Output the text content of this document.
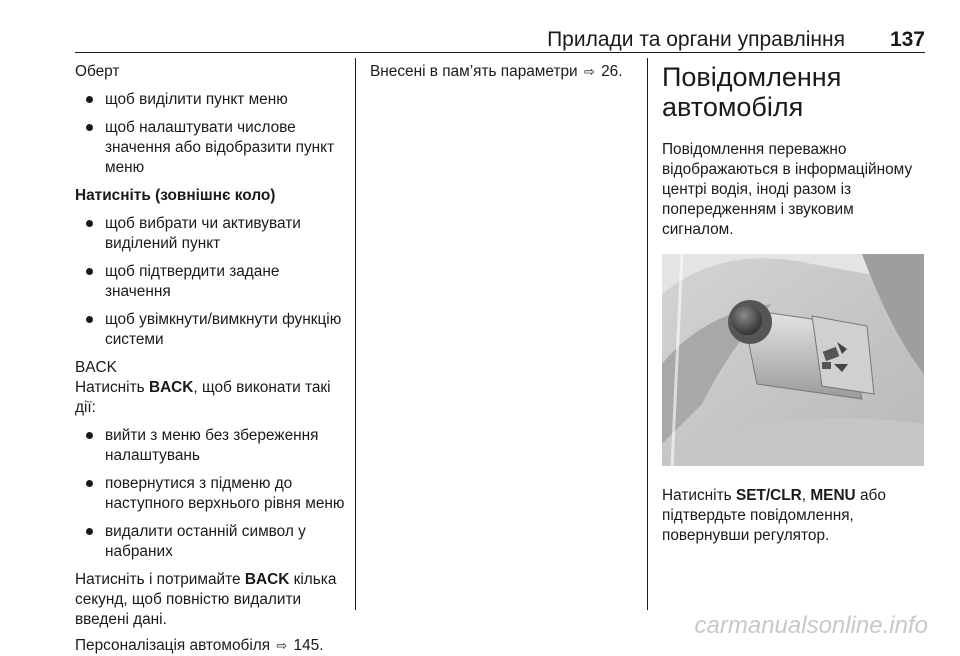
Прилади та органи управління 137

Оберт

щоб виділити пункт меню
щоб налаштувати числове значення або відобразити пункт меню

Натисніть (зовнішнє коло)

щоб вибрати чи активувати виділений пункт
щоб підтвердити задане значення
щоб увімкнути/вимкнути функцію системи

BACK

Натисніть BACK, щоб виконати такі дії:

вийти з меню без збереження налаштувань
повернутися з підменю до наступного верхнього рівня меню
видалити останній символ у набраних

Натисніть і потримайте BACK кілька секунд, щоб повністю видалити введені дані.

Персоналізація автомобіля ⇨ 145.

Внесені в пам’ять параметри ⇨ 26.	Повідомлення автомобіля

Повідомлення переважно відображаються в інформаційному центрі водія, іноді разом із попередженням і звуковим сигналом.

Натисніть SET/CLR, MENU або підтвердьте повідомлення, повернувши регулятор.

carmanualsonline.info
